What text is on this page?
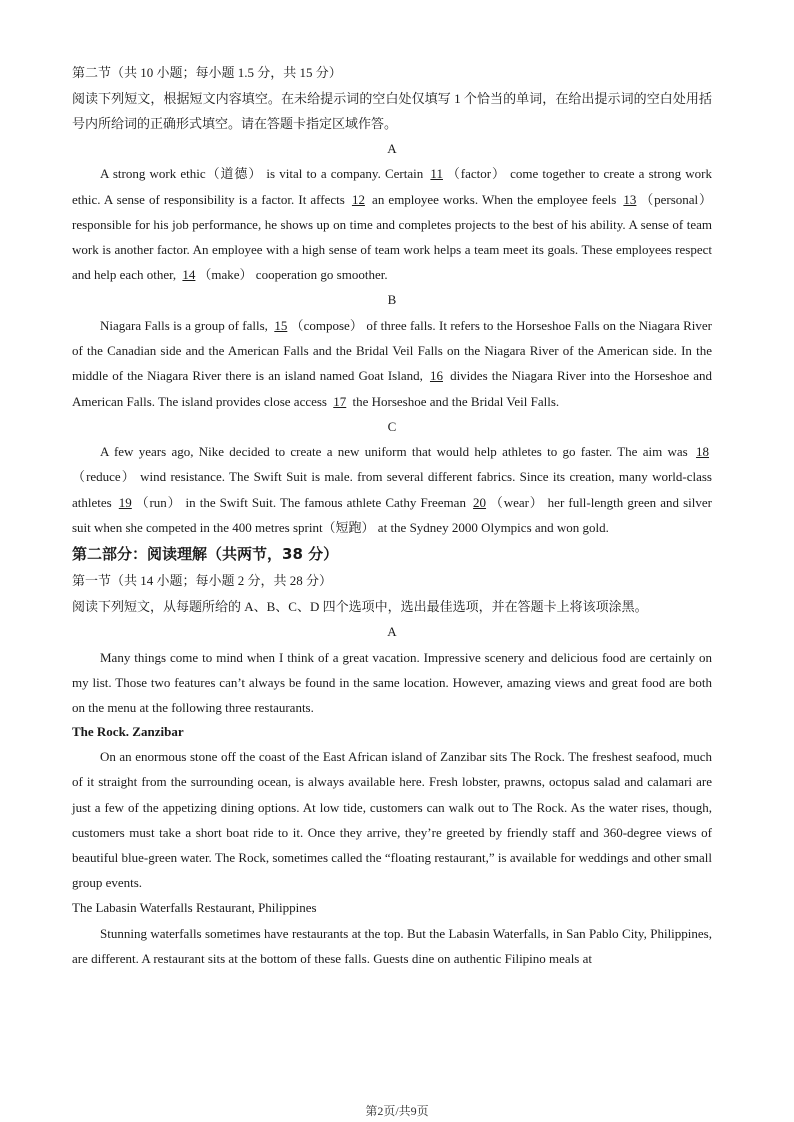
第二节（共 10 小题；每小题 1.5 分，共 15 分）
阅读下列短文，根据短文内容填空。在未给提示词的空白处仅填写 1 个恰当的单词，在给出提示词的空白处用括号内所给词的正确形式填空。请在答题卡指定区域作答。
A
A strong work ethic（道德） is vital to a company. Certain 11 （factor） come together to create a strong work ethic. A sense of responsibility is a factor. It affects 12 an employee works. When the employee feels 13 （personal） responsible for his job performance, he shows up on time and completes projects to the best of his ability. A sense of team work is another factor. An employee with a high sense of team work helps a team meet its goals. These employees respect and help each other, 14 （make） cooperation go smoother.
B
Niagara Falls is a group of falls, 15 （compose） of three falls. It refers to the Horseshoe Falls on the Niagara River of the Canadian side and the American Falls and the Bridal Veil Falls on the Niagara River of the American side. In the middle of the Niagara River there is an island named Goat Island, 16 divides the Niagara River into the Horseshoe and American Falls. The island provides close access 17 the Horseshoe and the Bridal Veil Falls.
C
A few years ago, Nike decided to create a new uniform that would help athletes to go faster. The aim was 18（reduce） wind resistance. The Swift Suit is male. from several different fabrics. Since its creation, many world-class athletes 19 （run） in the Swift Suit. The famous athlete Cathy Freeman 20 （wear） her full-length green and silver suit when she competed in the 400 metres sprint（短跑） at the Sydney 2000 Olympics and won gold.
第二部分：阅读理解（共两节，38 分）
第一节（共 14 小题；每小题 2 分，共 28 分）
阅读下列短文，从每题所给的 A、B、C、D 四个选项中，选出最佳选项，并在答题卡上将该项涂黑。
A
Many things come to mind when I think of a great vacation. Impressive scenery and delicious food are certainly on my list. Those two features can’t always be found in the same location. However, amazing views and great food are both on the menu at the following three restaurants.
The Rock. Zanzibar
On an enormous stone off the coast of the East African island of Zanzibar sits The Rock. The freshest seafood, much of it straight from the surrounding ocean, is always available here. Fresh lobster, prawns, octopus salad and calamari are just a few of the appetizing dining options. At low tide, customers can walk out to The Rock. As the water rises, though, customers must take a short boat ride to it. Once they arrive, they’re greeted by friendly staff and 360-degree views of beautiful blue-green water. The Rock, sometimes called the “floating restaurant,” is available for weddings and other small group events.
The Labasin Waterfalls Restaurant, Philippines
Stunning waterfalls sometimes have restaurants at the top. But the Labasin Waterfalls, in San Pablo City, Philippines, are different. A restaurant sits at the bottom of these falls. Guests dine on authentic Filipino meals at
第2页/共9页
